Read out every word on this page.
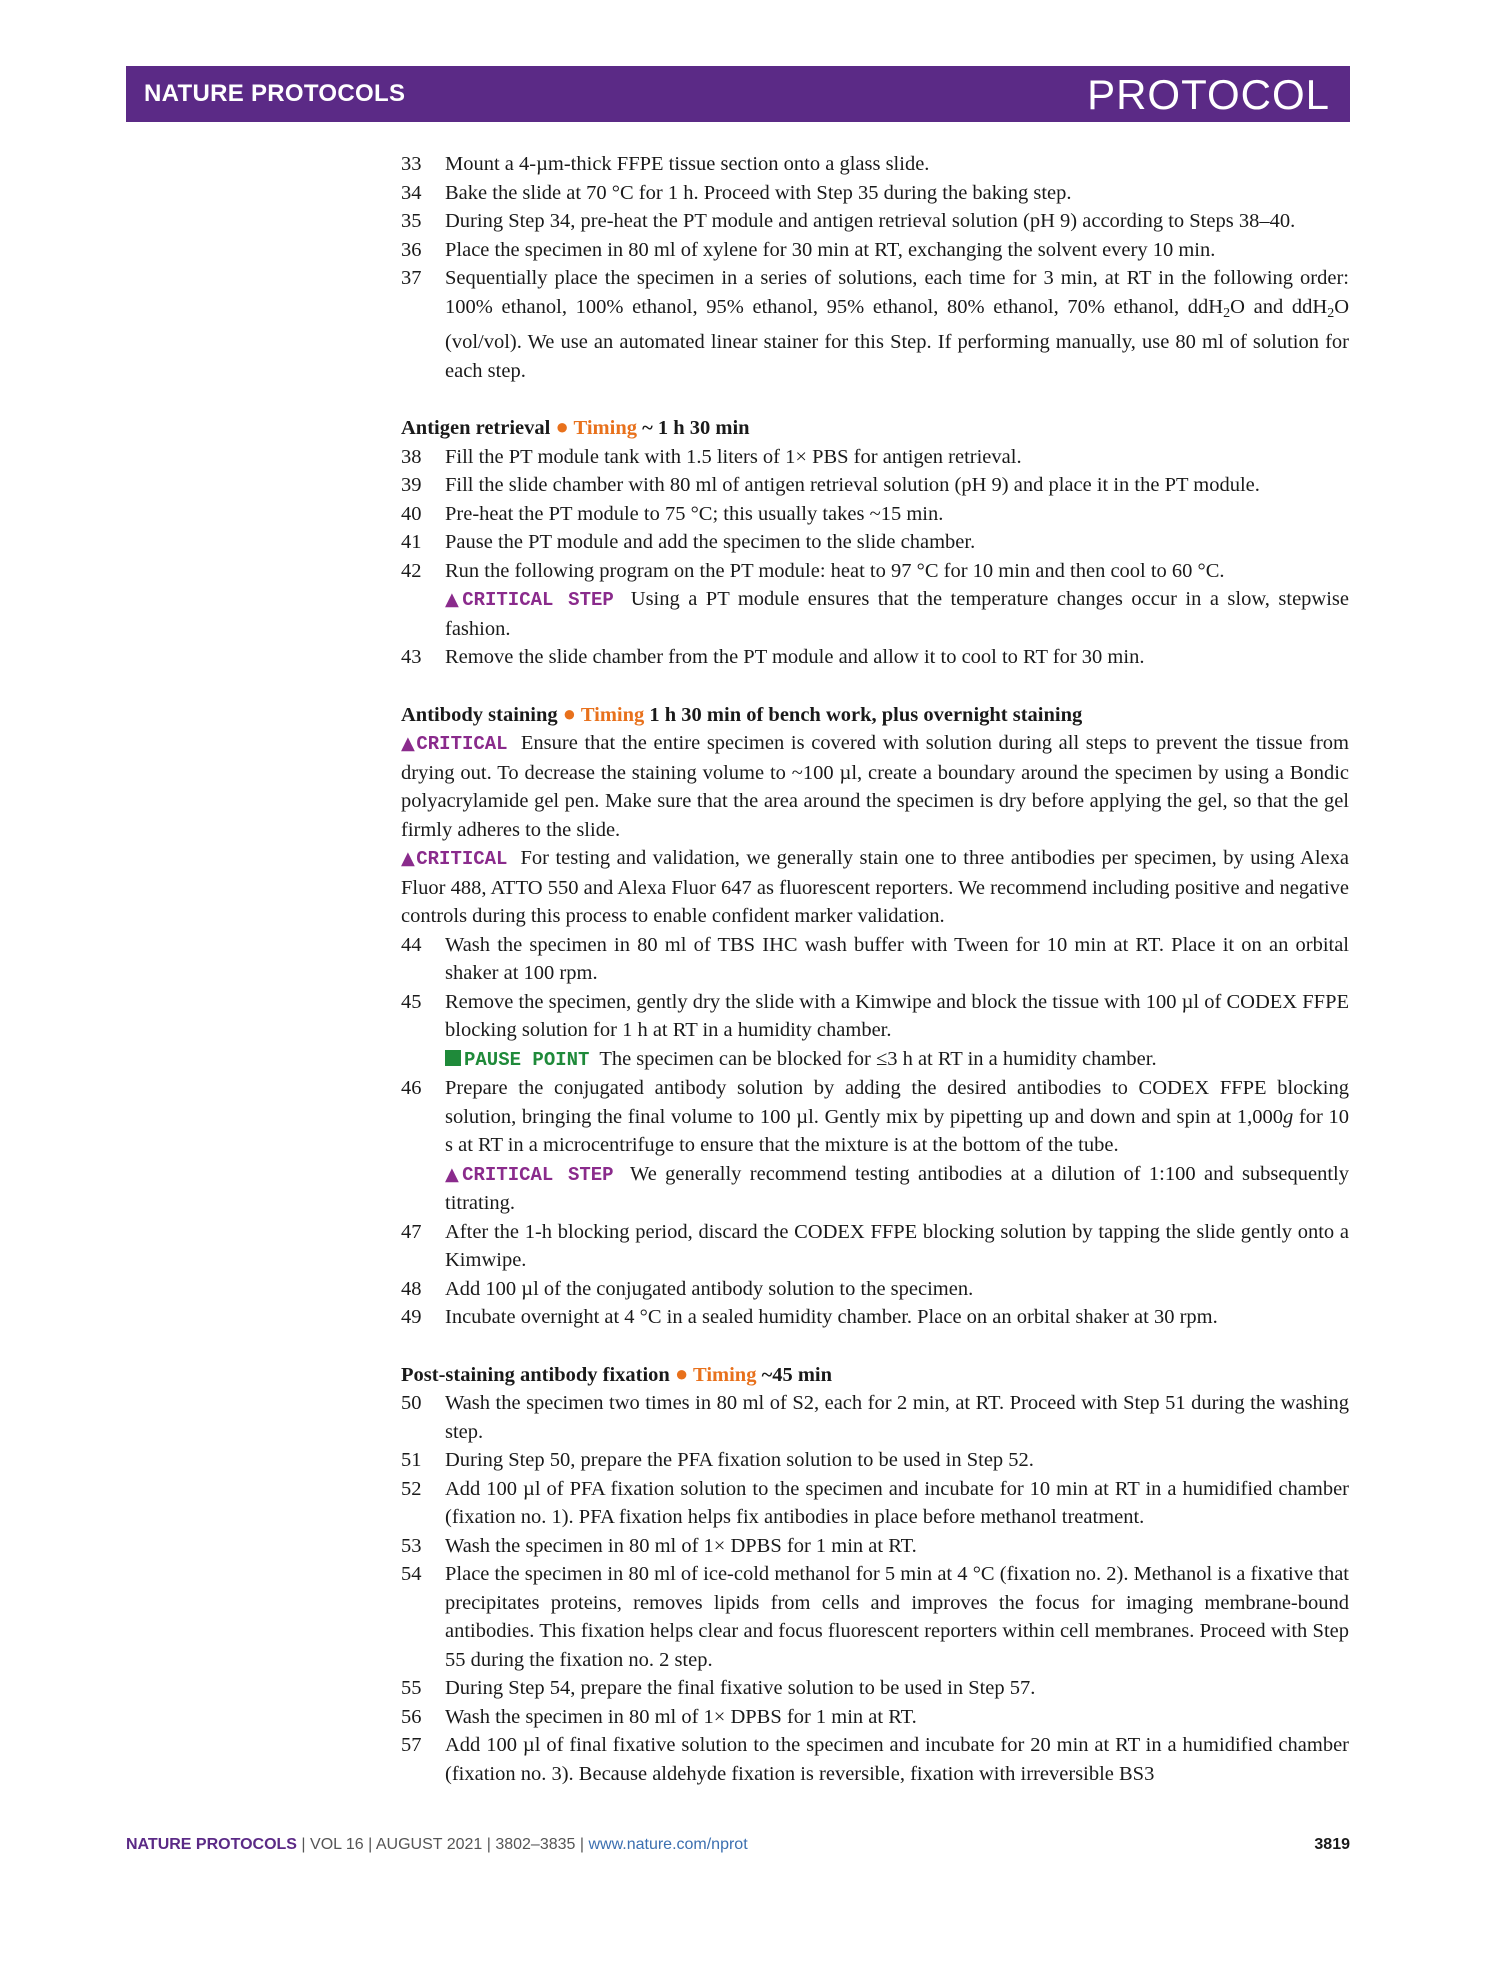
NATURE PROTOCOLS	PROTOCOL
33	Mount a 4-µm-thick FFPE tissue section onto a glass slide.
34	Bake the slide at 70 °C for 1 h. Proceed with Step 35 during the baking step.
35	During Step 34, pre-heat the PT module and antigen retrieval solution (pH 9) according to Steps 38–40.
36	Place the specimen in 80 ml of xylene for 30 min at RT, exchanging the solvent every 10 min.
37	Sequentially place the specimen in a series of solutions, each time for 3 min, at RT in the following order: 100% ethanol, 100% ethanol, 95% ethanol, 95% ethanol, 80% ethanol, 70% ethanol, ddH$_2$O and ddH$_2$O (vol/vol). We use an automated linear stainer for this Step. If performing manually, use 80 ml of solution for each step.
Antigen retrieval ● Timing ~ 1 h 30 min
38	Fill the PT module tank with 1.5 liters of 1× PBS for antigen retrieval.
39	Fill the slide chamber with 80 ml of antigen retrieval solution (pH 9) and place it in the PT module.
40	Pre-heat the PT module to 75 °C; this usually takes ~15 min.
41	Pause the PT module and add the specimen to the slide chamber.
42	Run the following program on the PT module: heat to 97 °C for 10 min and then cool to 60 °C.
▲CRITICAL STEP Using a PT module ensures that the temperature changes occur in a slow, stepwise fashion.
43	Remove the slide chamber from the PT module and allow it to cool to RT for 30 min.
Antibody staining ● Timing 1 h 30 min of bench work, plus overnight staining
▲CRITICAL Ensure that the entire specimen is covered with solution during all steps to prevent the tissue from drying out. To decrease the staining volume to ~100 µl, create a boundary around the specimen by using a Bondic polyacrylamide gel pen. Make sure that the area around the specimen is dry before applying the gel, so that the gel firmly adheres to the slide.
▲CRITICAL For testing and validation, we generally stain one to three antibodies per specimen, by using Alexa Fluor 488, ATTO 550 and Alexa Fluor 647 as fluorescent reporters. We recommend including positive and negative controls during this process to enable confident marker validation.
44	Wash the specimen in 80 ml of TBS IHC wash buffer with Tween for 10 min at RT. Place it on an orbital shaker at 100 rpm.
45	Remove the specimen, gently dry the slide with a Kimwipe and block the tissue with 100 µl of CODEX FFPE blocking solution for 1 h at RT in a humidity chamber.
PAUSE POINT The specimen can be blocked for ≤3 h at RT in a humidity chamber.
46	Prepare the conjugated antibody solution by adding the desired antibodies to CODEX FFPE blocking solution, bringing the final volume to 100 µl. Gently mix by pipetting up and down and spin at 1,000g for 10 s at RT in a microcentrifuge to ensure that the mixture is at the bottom of the tube.
▲CRITICAL STEP We generally recommend testing antibodies at a dilution of 1:100 and subsequently titrating.
47	After the 1-h blocking period, discard the CODEX FFPE blocking solution by tapping the slide gently onto a Kimwipe.
48	Add 100 µl of the conjugated antibody solution to the specimen.
49	Incubate overnight at 4 °C in a sealed humidity chamber. Place on an orbital shaker at 30 rpm.
Post-staining antibody fixation ● Timing ~45 min
50	Wash the specimen two times in 80 ml of S2, each for 2 min, at RT. Proceed with Step 51 during the washing step.
51	During Step 50, prepare the PFA fixation solution to be used in Step 52.
52	Add 100 µl of PFA fixation solution to the specimen and incubate for 10 min at RT in a humidified chamber (fixation no. 1). PFA fixation helps fix antibodies in place before methanol treatment.
53	Wash the specimen in 80 ml of 1× DPBS for 1 min at RT.
54	Place the specimen in 80 ml of ice-cold methanol for 5 min at 4 °C (fixation no. 2). Methanol is a fixative that precipitates proteins, removes lipids from cells and improves the focus for imaging membrane-bound antibodies. This fixation helps clear and focus fluorescent reporters within cell membranes. Proceed with Step 55 during the fixation no. 2 step.
55	During Step 54, prepare the final fixative solution to be used in Step 57.
56	Wash the specimen in 80 ml of 1× DPBS for 1 min at RT.
57	Add 100 µl of final fixative solution to the specimen and incubate for 20 min at RT in a humidified chamber (fixation no. 3). Because aldehyde fixation is reversible, fixation with irreversible BS3
NATURE PROTOCOLS | VOL 16 | AUGUST 2021 | 3802–3835 | www.nature.com/nprot	3819
